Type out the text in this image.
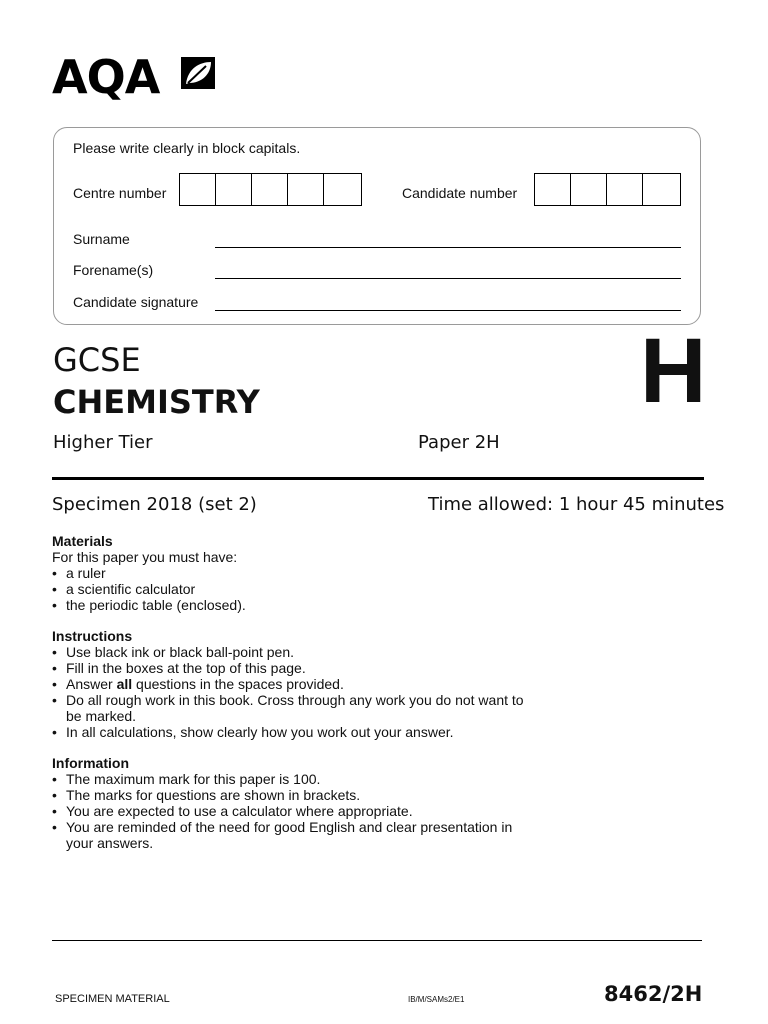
AQA
Please write clearly in block capitals.
Centre number	Candidate number
Surname
Forename(s)
Candidate signature
GCSE
CHEMISTRY	H
Higher Tier	Paper 2H
Specimen 2018 (set 2)	Time allowed: 1 hour 45 minutes
Materials
For this paper you must have:
• a ruler
• a scientific calculator
• the periodic table (enclosed).
Instructions
• Use black ink or black ball-point pen.
• Fill in the boxes at the top of this page.
• Answer all questions in the spaces provided.
• Do all rough work in this book. Cross through any work you do not want to be marked.
• In all calculations, show clearly how you work out your answer.
Information
• The maximum mark for this paper is 100.
• The marks for questions are shown in brackets.
• You are expected to use a calculator where appropriate.
• You are reminded of the need for good English and clear presentation in your answers.
SPECIMEN MATERIAL	IB/M/SAMs2/E1	8462/2H
